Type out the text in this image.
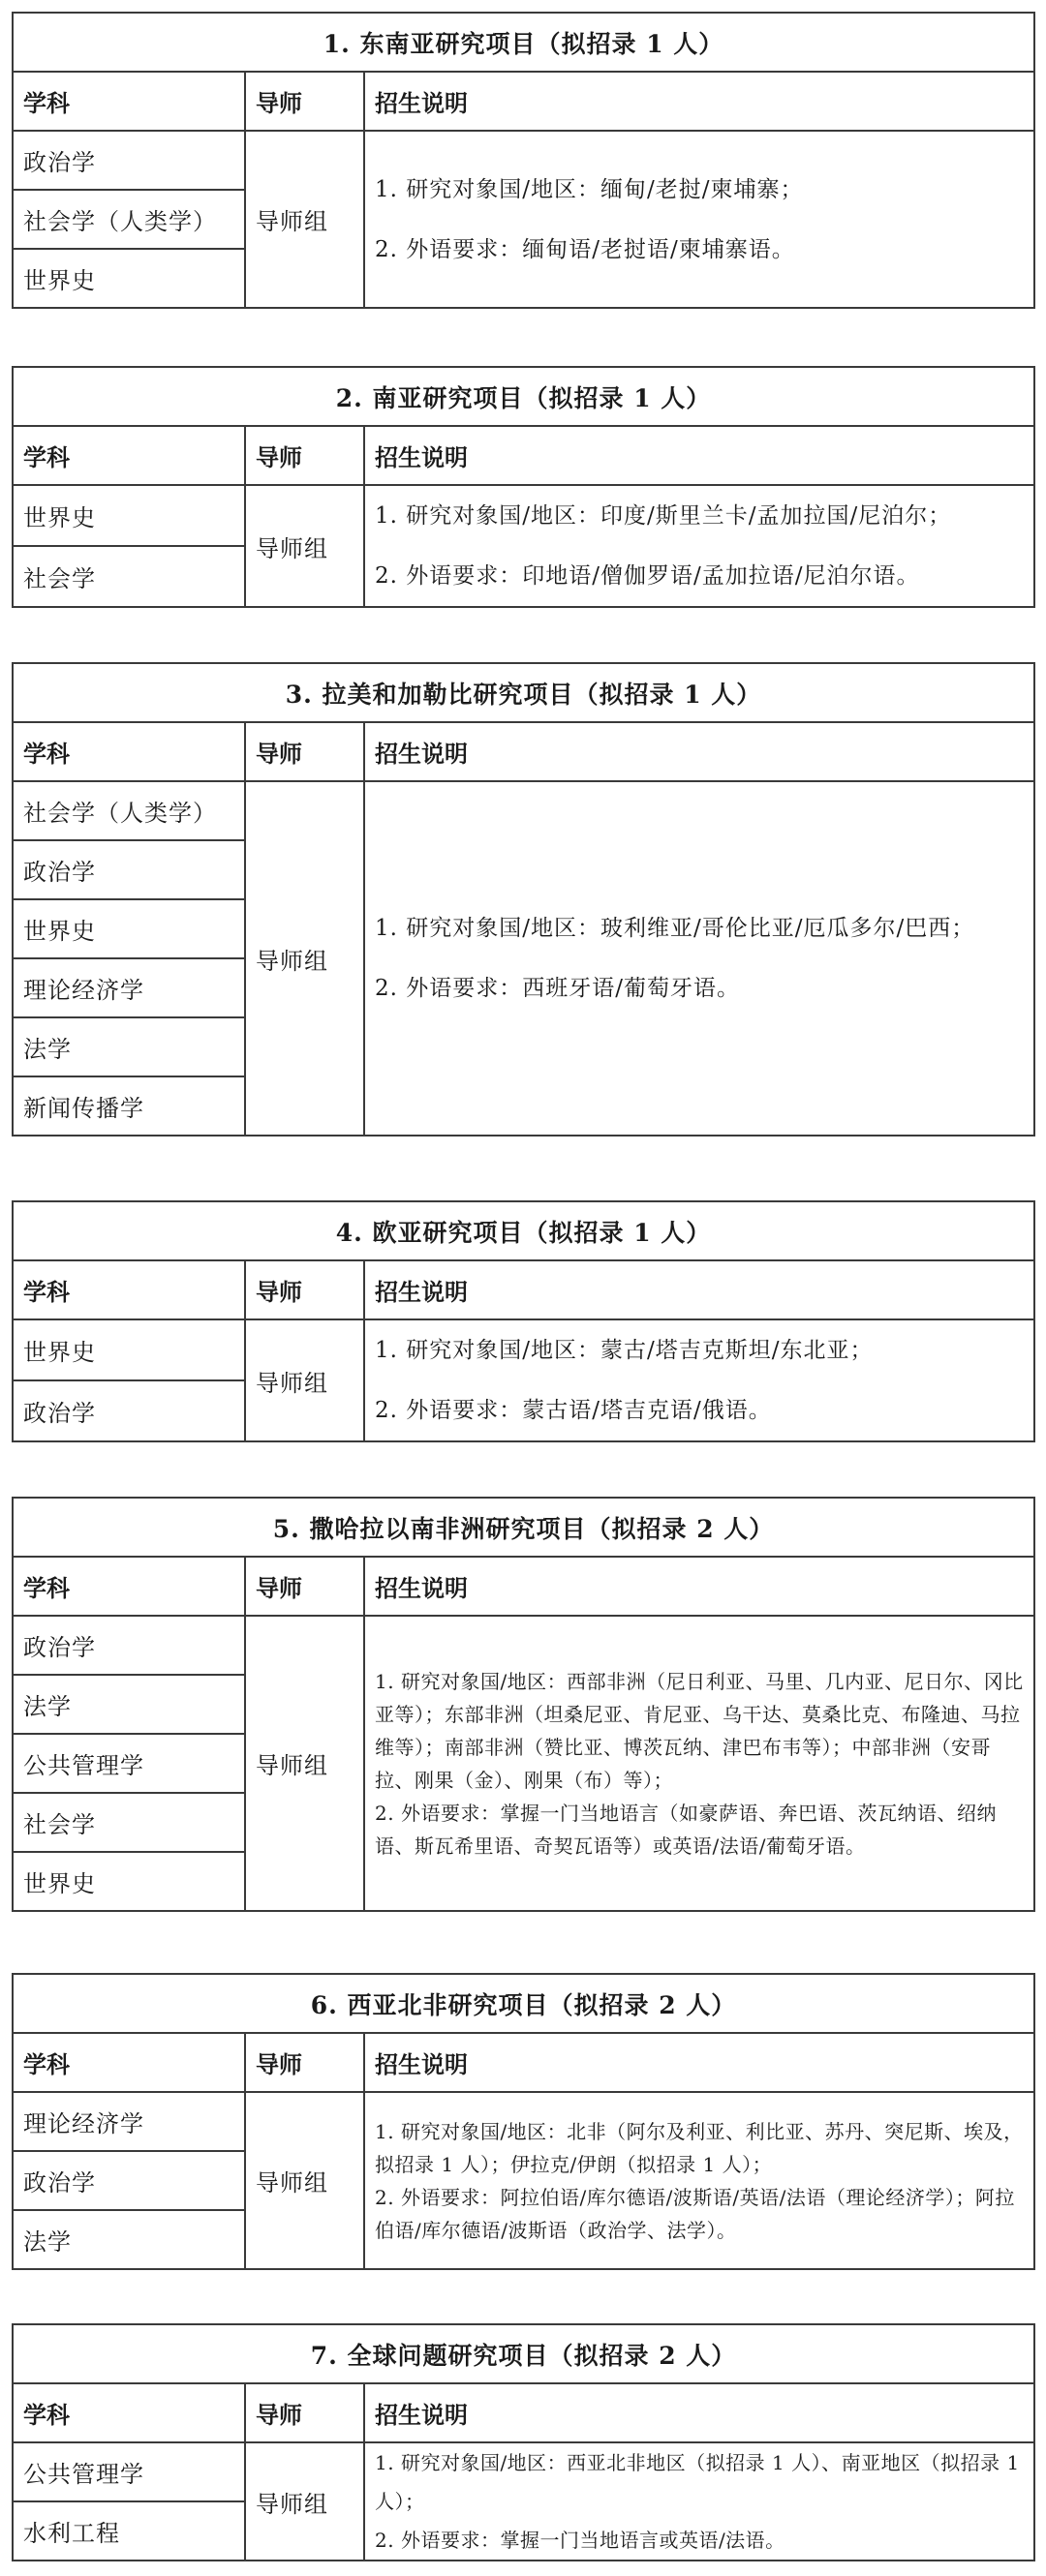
1. 东南亚研究项目（拟招录 1 人）		
学科	导师	招生说明
政治学	导师组	1. 研究对象国/地区：缅甸/老挝/柬埔寨；

2. 外语要求：缅甸语/老挝语/柬埔寨语。

社会学（人类学）		
世界史		
2. 南亚研究项目（拟招录 1 人）		
学科	导师	招生说明
世界史	导师组	1. 研究对象国/地区：印度/斯里兰卡/孟加拉国/尼泊尔；

2. 外语要求：印地语/僧伽罗语/孟加拉语/尼泊尔语。

社会学		
3. 拉美和加勒比研究项目（拟招录 1 人）		
学科	导师	招生说明
社会学（人类学）	导师组	1. 研究对象国/地区：玻利维亚/哥伦比亚/厄瓜多尔/巴西；

2. 外语要求：西班牙语/葡萄牙语。

政治学		
世界史		
理论经济学		
法学		
新闻传播学		
4. 欧亚研究项目（拟招录 1 人）		
学科	导师	招生说明
世界史	导师组	1. 研究对象国/地区：蒙古/塔吉克斯坦/东北亚；

2. 外语要求：蒙古语/塔吉克语/俄语。

政治学		
5. 撒哈拉以南非洲研究项目（拟招录 2 人）		
学科	导师	招生说明
政治学	导师组	1. 研究对象国/地区：西部非洲（尼日利亚、马里、几内亚、尼日尔、冈比亚等）；东部非洲（坦桑尼亚、肯尼亚、乌干达、莫桑比克、布隆迪、马拉维等）；南部非洲（赞比亚、博茨瓦纳、津巴布韦等）；中部非洲（安哥拉、刚果（金）、刚果（布）等）；

2. 外语要求：掌握一门当地语言（如豪萨语、奔巴语、茨瓦纳语、绍纳语、斯瓦希里语、奇契瓦语等）或英语/法语/葡萄牙语。

法学		
公共管理学		
社会学		
世界史		
6. 西亚北非研究项目（拟招录 2 人）		
学科	导师	招生说明
理论经济学	导师组	1. 研究对象国/地区：北非（阿尔及利亚、利比亚、苏丹、突尼斯、埃及，拟招录 1 人）；伊拉克/伊朗（拟招录 1 人）；

2. 外语要求：阿拉伯语/库尔德语/波斯语/英语/法语（理论经济学）；阿拉伯语/库尔德语/波斯语（政治学、法学）。

政治学		
法学		
7. 全球问题研究项目（拟招录 2 人）		
学科	导师	招生说明
公共管理学	导师组	1. 研究对象国/地区：西亚北非地区（拟招录 1 人）、南亚地区（拟招录 1 人）；

2. 外语要求：掌握一门当地语言或英语/法语。

水利工程		
